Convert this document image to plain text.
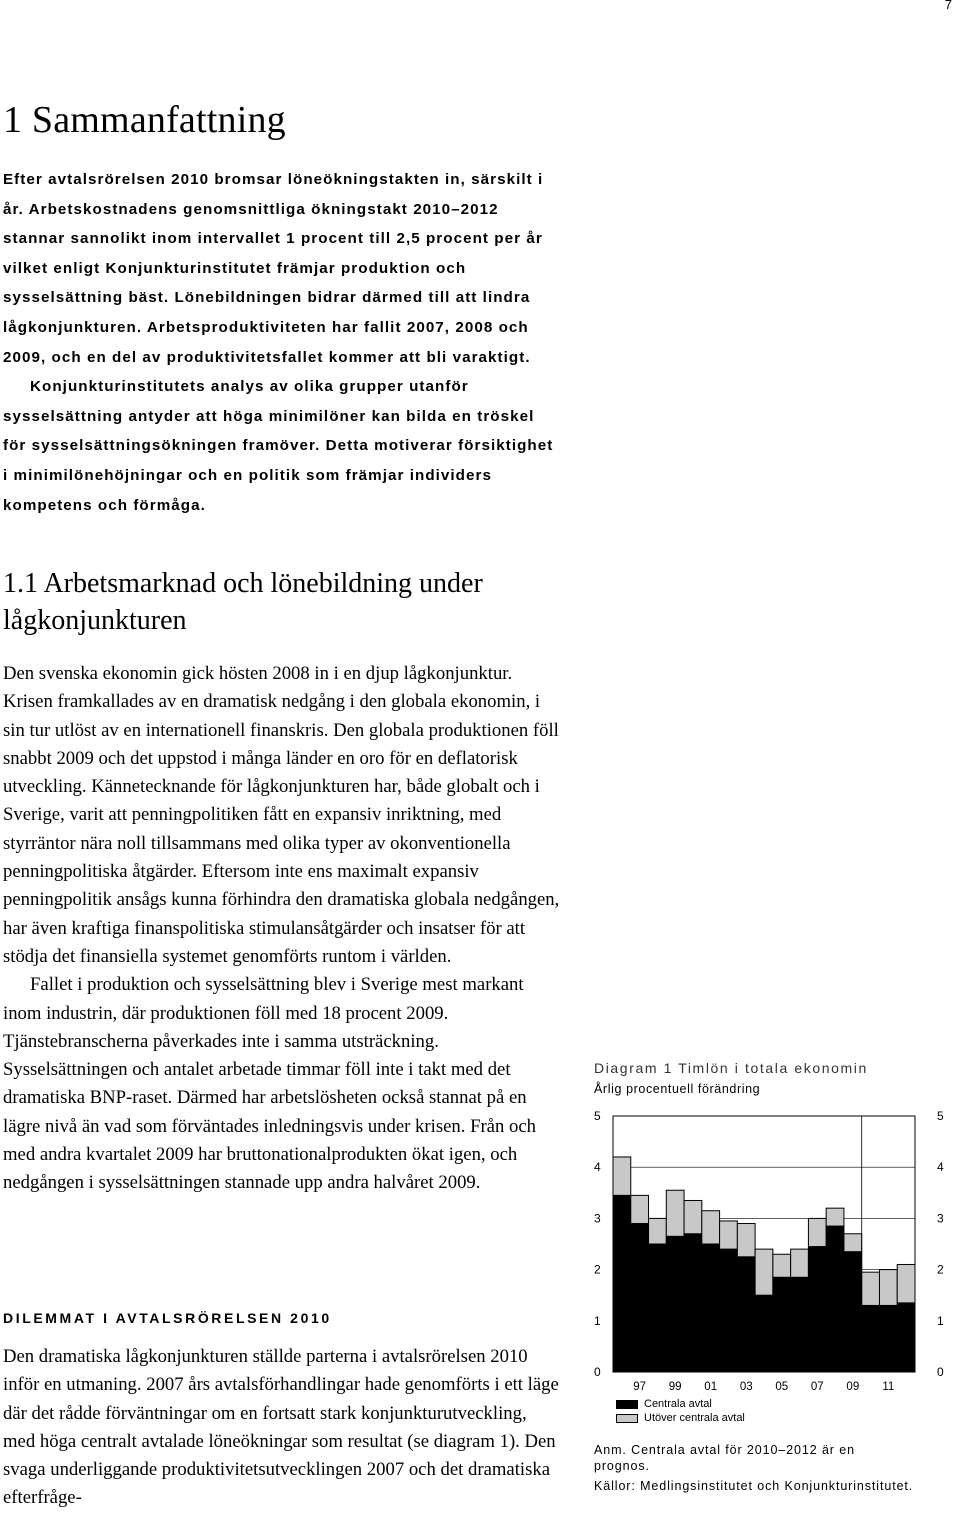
7
1 Sammanfattning

Efter avtalsrörelsen 2010 bromsar löneökningstakten in, särskilt i år. Arbetskostnadens genomsnittliga ökningstakt 2010–2012 stannar sannolikt inom intervallet 1 procent till 2,5 procent per år vilket enligt Konjunkturinstitutet främjar produktion och sysselsättning bäst. Lönebildningen bidrar därmed till att lindra lågkonjunkturen. Arbetsproduktiviteten har fallit 2007, 2008 och 2009, och en del av produktivitetsfallet kommer att bli varaktigt.

Konjunkturinstitutets analys av olika grupper utanför sysselsättning antyder att höga minimilöner kan bilda en tröskel för sysselsättningsökningen framöver. Detta motiverar försiktighet i minimilönehöjningar och en politik som främjar individers kompetens och förmåga.

1.1 Arbetsmarknad och lönebildning under lågkonjunkturen

Den svenska ekonomin gick hösten 2008 in i en djup lågkonjunktur. Krisen framkallades av en dramatisk nedgång i den globala ekonomin, i sin tur utlöst av en internationell finanskris. Den globala produktionen föll snabbt 2009 och det uppstod i många länder en oro för en deflatorisk utveckling. Kännetecknande för lågkonjunkturen har, både globalt och i Sverige, varit att penningpolitiken fått en expansiv inriktning, med styrräntor nära noll tillsammans med olika typer av okonventionella penningpolitiska åtgärder. Eftersom inte ens maximalt expansiv penningpolitik ansågs kunna förhindra den dramatiska globala nedgången, har även kraftiga finanspolitiska stimulansåtgärder och insatser för att stödja det finansiella systemet genomförts runtom i världen.

Fallet i produktion och sysselsättning blev i Sverige mest markant inom industrin, där produktionen föll med 18 procent 2009. Tjänstebranscherna påverkades inte i samma utsträckning. Sysselsättningen och antalet arbetade timmar föll inte i takt med det dramatiska BNP-raset. Därmed har arbetslösheten också stannat på en lägre nivå än vad som förväntades inledningsvis under krisen. Från och med andra kvartalet 2009 har bruttonationalprodukten ökat igen, och nedgången i sysselsättningen stannade upp andra halvåret 2009.

DILEMMAT I AVTALSRÖRELSEN 2010

Den dramatiska lågkonjunkturen ställde parterna i avtalsrörelsen 2010 inför en utmaning. 2007 års avtalsförhandlingar hade genomförts i ett läge där det rådde förväntningar om en fortsatt stark konjunkturutveckling, med höga centralt avtalade löneökningar som resultat (se diagram 1). Den svaga underliggande produktivitetsutvecklingen 2007 och det dramatiska efterfråge-

Diagram 1 Timlön i totala ekonomin
Årlig procentuell förändring
0	0
1	1
2	2
3	3
4	4
5	5
97 99 01 03 05 07 09 11
Centrala avtal
Utöver centrala avtal
Anm. Centrala avtal för 2010–2012 är en prognos.
Källor: Medlingsinstitutet och Konjunkturinstitutet.
